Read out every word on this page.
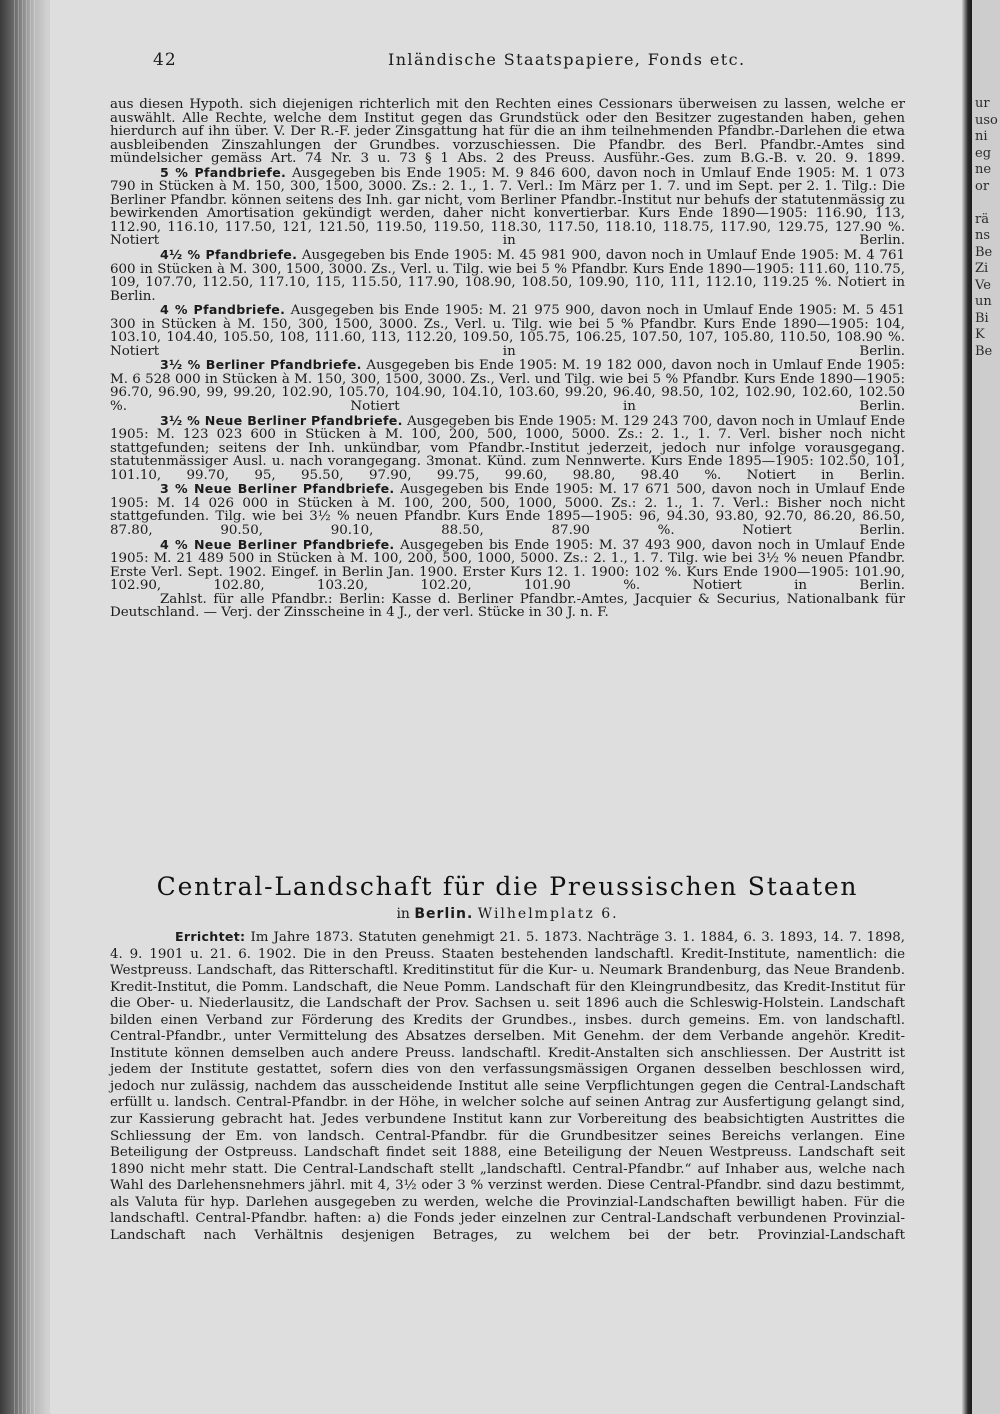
42	Inländische Staatspapiere, Fonds etc.

aus diesen Hypoth. sich diejenigen richterlich mit den Rechten eines Cessionars überweisen zu lassen, welche er auswählt. Alle Rechte, welche dem Institut gegen das Grundstück oder den Besitzer zugestanden haben, gehen hierdurch auf ihn über. V. Der R.-F. jeder Zinsgattung hat für die an ihm teilnehmenden Pfandbr.-Darlehen die etwa ausbleibenden Zinszahlungen der Grundbes. vorzuschiessen. Die Pfandbr. des Berl. Pfandbr.-Amtes sind mündelsicher gemäss Art. 74 Nr. 3 u. 73 § 1 Abs. 2 des Preuss. Ausführ.-Ges. zum B.G.-B. v. 20. 9. 1899.

5 % Pfandbriefe. Ausgegeben bis Ende 1905: M. 9 846 600, davon noch in Umlauf Ende 1905: M. 1 073 790 in Stücken à M. 150, 300, 1500, 3000. Zs.: 2. 1., 1. 7. Verl.: Im März per 1. 7. und im Sept. per 2. 1. Tilg.: Die Berliner Pfandbr. können seitens des Inh. gar nicht, vom Berliner Pfandbr.-Institut nur behufs der statutenmässig zu bewirkenden Amortisation gekündigt werden, daher nicht konvertierbar. Kurs Ende 1890—1905: 116.90, 113, 112.90, 116.10, 117.50, 121, 121.50, 119.50, 119.50, 118.30, 117.50, 118.10, 118.75, 117.90, 129.75, 127.90 %. Notiert in Berlin.

4½ % Pfandbriefe. Ausgegeben bis Ende 1905: M. 45 981 900, davon noch in Umlauf Ende 1905: M. 4 761 600 in Stücken à M. 300, 1500, 3000. Zs., Verl. u. Tilg. wie bei 5 % Pfandbr. Kurs Ende 1890—1905: 111.60, 110.75, 109, 107.70, 112.50, 117.10, 115, 115.50, 117.90, 108.90, 108.50, 109.90, 110, 111, 112.10, 119.25 %. Notiert in Berlin.

4 % Pfandbriefe. Ausgegeben bis Ende 1905: M. 21 975 900, davon noch in Umlauf Ende 1905: M. 5 451 300 in Stücken à M. 150, 300, 1500, 3000. Zs., Verl. u. Tilg. wie bei 5 % Pfandbr. Kurs Ende 1890—1905: 104, 103.10, 104.40, 105.50, 108, 111.60, 113, 112.20, 109.50, 105.75, 106.25, 107.50, 107, 105.80, 110.50, 108.90 %. Notiert in Berlin.

3½ % Berliner Pfandbriefe. Ausgegeben bis Ende 1905: M. 19 182 000, davon noch in Umlauf Ende 1905: M. 6 528 000 in Stücken à M. 150, 300, 1500, 3000. Zs., Verl. und Tilg. wie bei 5 % Pfandbr. Kurs Ende 1890—1905: 96.70, 96.90, 99, 99.20, 102.90, 105.70, 104.90, 104.10, 103.60, 99.20, 96.40, 98.50, 102, 102.90, 102.60, 102.50 %. Notiert in Berlin.

3½ % Neue Berliner Pfandbriefe. Ausgegeben bis Ende 1905: M. 129 243 700, davon noch in Umlauf Ende 1905: M. 123 023 600 in Stücken à M. 100, 200, 500, 1000, 5000. Zs.: 2. 1., 1. 7. Verl. bisher noch nicht stattgefunden; seitens der Inh. unkündbar, vom Pfandbr.-Institut jederzeit, jedoch nur infolge vorausgegang. statutenmässiger Ausl. u. nach vorangegang. 3monat. Künd. zum Nennwerte. Kurs Ende 1895—1905: 102.50, 101, 101.10, 99.70, 95, 95.50, 97.90, 99.75, 99.60, 98.80, 98.40 %. Notiert in Berlin.

3 % Neue Berliner Pfandbriefe. Ausgegeben bis Ende 1905: M. 17 671 500, davon noch in Umlauf Ende 1905: M. 14 026 000 in Stücken à M. 100, 200, 500, 1000, 5000. Zs.: 2. 1., 1. 7. Verl.: Bisher noch nicht stattgefunden. Tilg. wie bei 3½ % neuen Pfandbr. Kurs Ende 1895—1905: 96, 94.30, 93.80, 92.70, 86.20, 86.50, 87.80, 90.50, 90.10, 88.50, 87.90 %. Notiert Berlin.

4 % Neue Berliner Pfandbriefe. Ausgegeben bis Ende 1905: M. 37 493 900, davon noch in Umlauf Ende 1905: M. 21 489 500 in Stücken à M. 100, 200, 500, 1000, 5000. Zs.: 2. 1., 1. 7. Tilg. wie bei 3½ % neuen Pfandbr. Erste Verl. Sept. 1902. Eingef. in Berlin Jan. 1900. Erster Kurs 12. 1. 1900: 102 %. Kurs Ende 1900—1905: 101.90, 102.90, 102.80, 103.20, 102.20, 101.90 %. Notiert in Berlin.

Zahlst. für alle Pfandbr.: Berlin: Kasse d. Berliner Pfandbr.-Amtes, Jacquier & Securius, Nationalbank für Deutschland. — Verj. der Zinsscheine in 4 J., der verl. Stücke in 30 J. n. F.

Central-Landschaft für die Preussischen Staaten
in Berlin. Wilhelmplatz 6.

Errichtet: Im Jahre 1873. Statuten genehmigt 21. 5. 1873. Nachträge 3. 1. 1884, 6. 3. 1893, 14. 7. 1898, 4. 9. 1901 u. 21. 6. 1902. Die in den Preuss. Staaten bestehenden landschaftl. Kredit-Institute, namentlich: die Westpreuss. Landschaft, das Ritterschaftl. Kreditinstitut für die Kur- u. Neumark Brandenburg, das Neue Brandenb. Kredit-Institut, die Pomm. Landschaft, die Neue Pomm. Landschaft für den Kleingrundbesitz, das Kredit-Institut für die Ober- u. Niederlausitz, die Landschaft der Prov. Sachsen u. seit 1896 auch die Schleswig-Holstein. Landschaft bilden einen Verband zur Förderung des Kredits der Grundbes., insbes. durch gemeins. Em. von landschaftl. Central-Pfandbr., unter Vermittelung des Absatzes derselben. Mit Genehm. der dem Verbande angehör. Kredit-Institute können demselben auch andere Preuss. landschaftl. Kredit-Anstalten sich anschliessen. Der Austritt ist jedem der Institute gestattet, sofern dies von den verfassungsmässigen Organen desselben beschlossen wird, jedoch nur zulässig, nachdem das ausscheidende Institut alle seine Verpflichtungen gegen die Central-Landschaft erfüllt u. landsch. Central-Pfandbr. in der Höhe, in welcher solche auf seinen Antrag zur Ausfertigung gelangt sind, zur Kassierung gebracht hat. Jedes verbundene Institut kann zur Vorbereitung des beabsichtigten Austrittes die Schliessung der Em. von landsch. Central-Pfandbr. für die Grundbesitzer seines Bereichs verlangen. Eine Beteiligung der Ostpreuss. Landschaft findet seit 1888, eine Beteiligung der Neuen Westpreuss. Landschaft seit 1890 nicht mehr statt. Die Central-Landschaft stellt „landschaftl. Central-Pfandbr.“ auf Inhaber aus, welche nach Wahl des Darlehensnehmers jährl. mit 4, 3½ oder 3 % verzinst werden. Diese Central-Pfandbr. sind dazu bestimmt, als Valuta für hyp. Darlehen ausgegeben zu werden, welche die Provinzial-Landschaften bewilligt haben. Für die landschaftl. Central-Pfandbr. haften: a) die Fonds jeder einzelnen zur Central-Landschaft verbundenen Provinzial-Landschaft nach Verhältnis desjenigen Betrages, zu welchem bei der betr. Provinzial-Landschaft

ur
uso
ni
eg
ne
or

rä
ns
Be
Zi
Ve
un
Bi
K
Be
